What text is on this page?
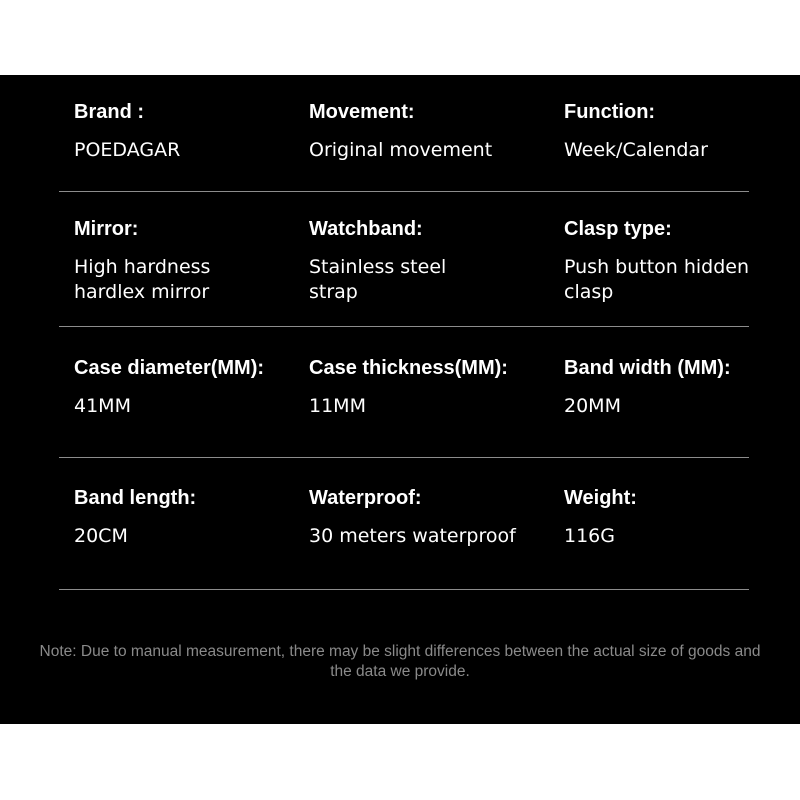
Brand :
POEDAGAR
Movement:
Original movement
Function:
Week/Calendar
Mirror:
High hardness
hardlex mirror
Watchband:
Stainless steel
strap
Clasp type:
Push button hidden
clasp
Case diameter(MM):
41MM
Case thickness(MM):
11MM
Band width (MM):
20MM
Band length:
20CM
Waterproof:
30 meters waterproof
Weight:
116G
Note: Due to manual measurement, there may be slight differences between the actual size of goods and the data we provide.
